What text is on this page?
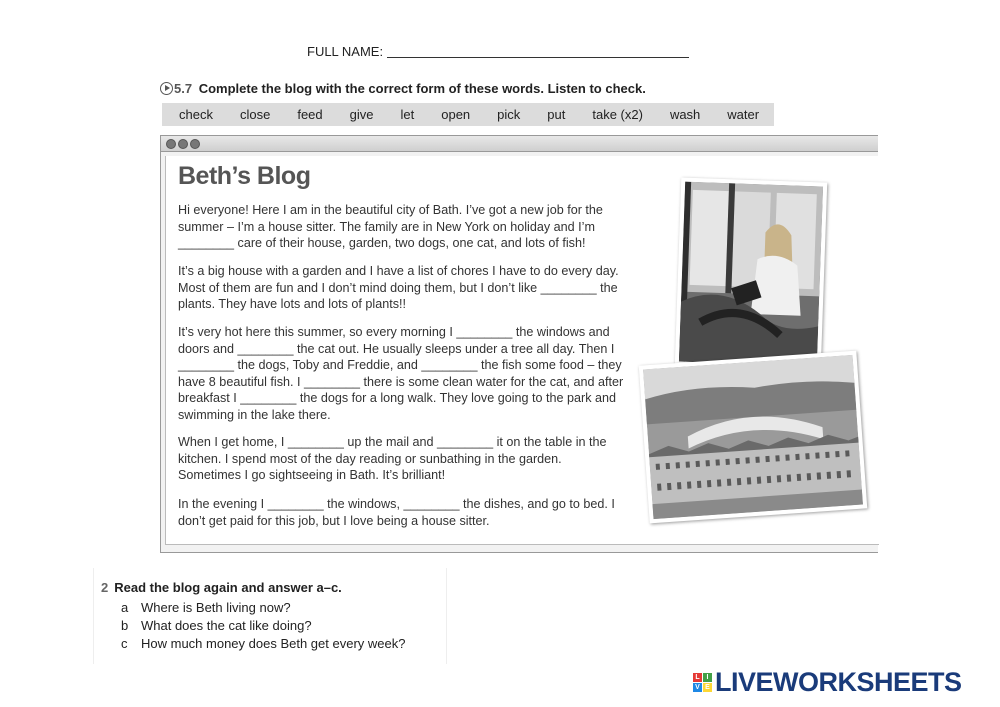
FULL NAME:
5.7 Complete the blog with the correct form of these words. Listen to check.
check	close	feed	give	let	open	pick	put	take (x2)	wash	water
Beth’s Blog

Hi everyone! Here I am in the beautiful city of Bath. I’ve got a new job for the summer – I’m a house sitter. The family are in New York on holiday and I’m ________ care of their house, garden, two dogs, one cat, and lots of fish!

It’s a big house with a garden and I have a list of chores I have to do every day. Most of them are fun and I don’t mind doing them, but I don’t like ________ the plants. They have lots and lots of plants!!

It’s very hot here this summer, so every morning I ________ the windows and doors and ________ the cat out. He usually sleeps under a tree all day. Then I ________ the dogs, Toby and Freddie, and ________ the fish some food – they have 8 beautiful fish. I ________ there is some clean water for the cat, and after breakfast I ________ the dogs for a long walk. They love going to the park and swimming in the lake there.

When I get home, I ________ up the mail and ________ it on the table in the kitchen. I spend most of the day reading or sunbathing in the garden. Sometimes I go sightseeing in Bath. It’s brilliant!

In the evening I ________ the windows, ________ the dishes, and go to bed. I don’t get paid for this job, but I love being a house sitter.

2 Read the blog again and answer a–c.
a Where is Beth living now?
b What does the cat like doing?
c How much money does Beth get every week?
L I
V E LIVEWORKSHEETS
